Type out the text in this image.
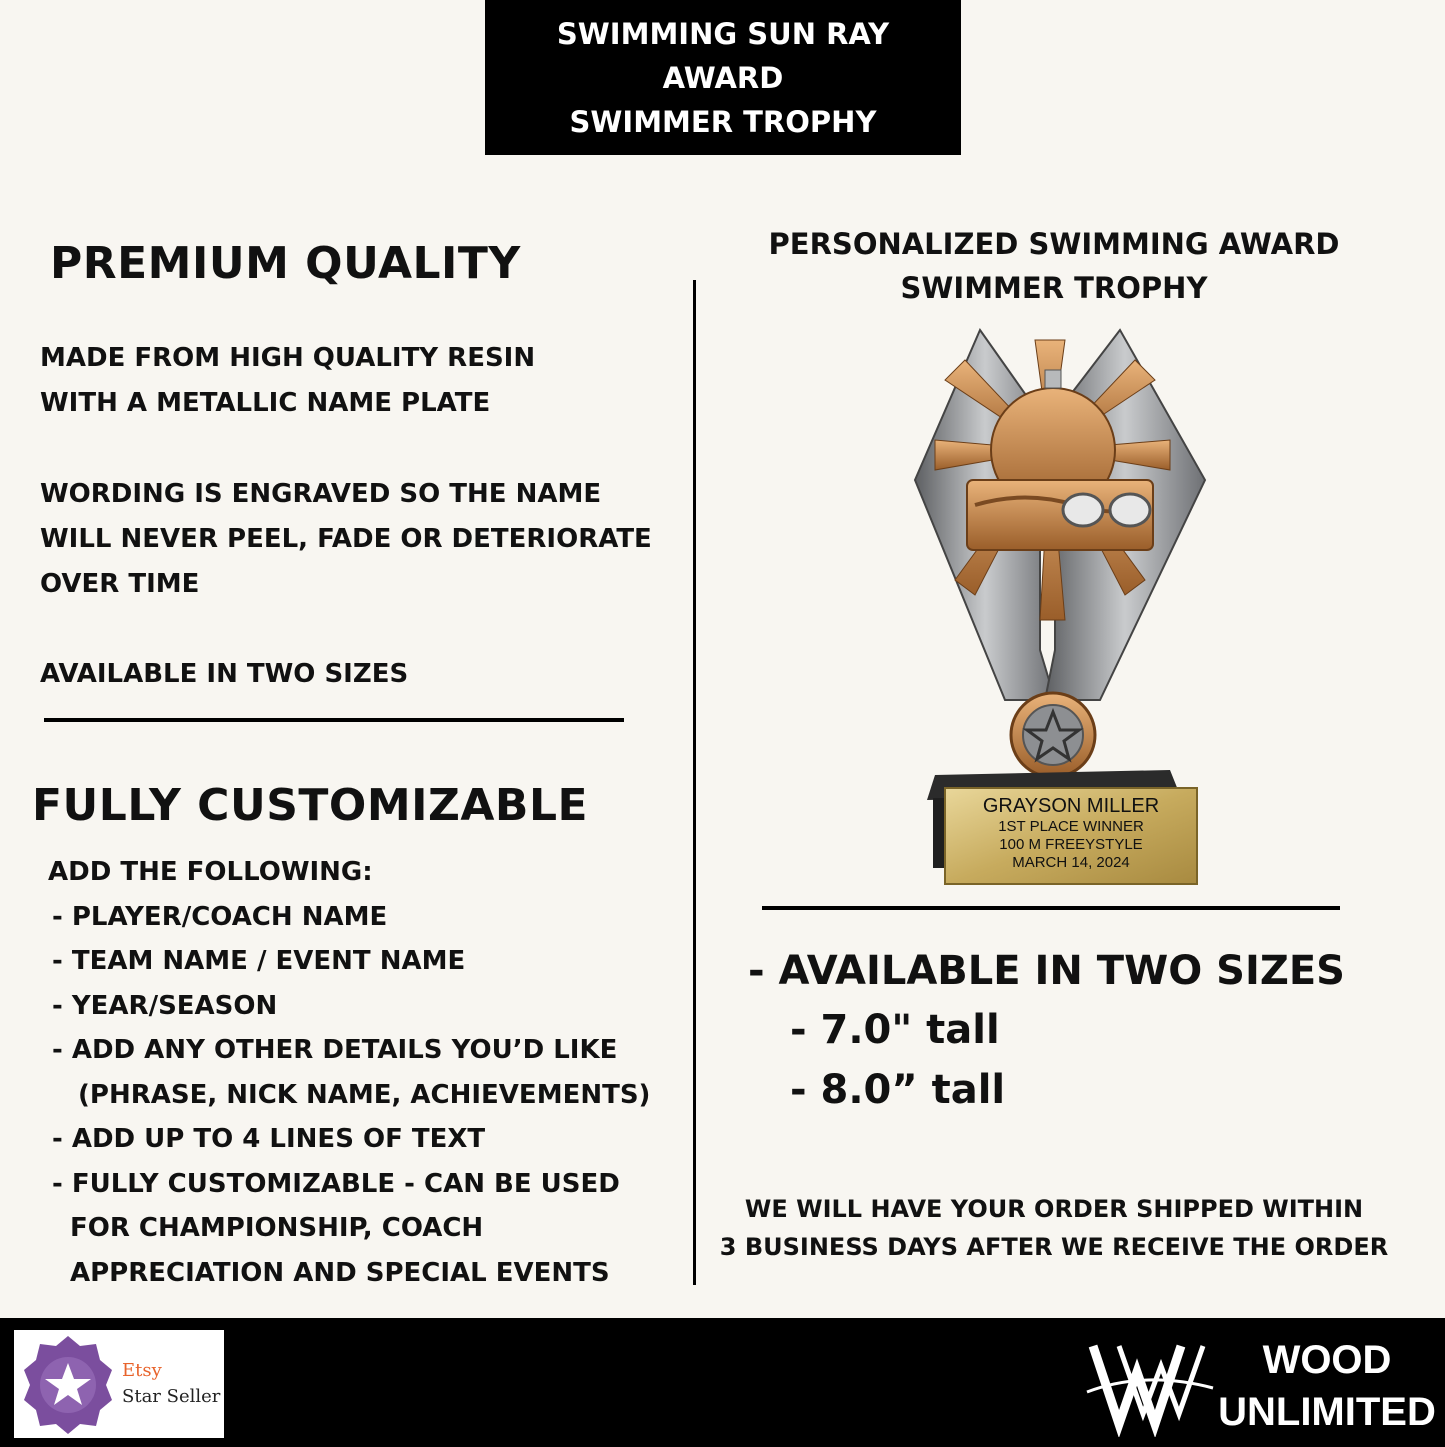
SWIMMING SUN RAY
AWARD
SWIMMER TROPHY
PREMIUM QUALITY
MADE FROM HIGH QUALITY RESIN
WITH A METALLIC NAME PLATE
WORDING IS ENGRAVED SO THE NAME
WILL NEVER PEEL, FADE OR DETERIORATE
OVER TIME
AVAILABLE IN TWO SIZES
FULLY CUSTOMIZABLE
ADD THE FOLLOWING:
- PLAYER/COACH NAME
- TEAM NAME / EVENT NAME
- YEAR/SEASON
- ADD ANY OTHER DETAILS YOU’D LIKE
(PHRASE, NICK NAME, ACHIEVEMENTS)
- ADD UP TO 4 LINES OF TEXT
- FULLY CUSTOMIZABLE - CAN BE USED
FOR CHAMPIONSHIP, COACH
APPRECIATION AND SPECIAL EVENTS
PERSONALIZED SWIMMING AWARD
SWIMMER TROPHY
GRAYSON MILLER
1ST PLACE WINNER
100 M FREEYSTYLE
MARCH 14, 2024
- AVAILABLE IN TWO SIZES
- 7.0" tall
- 8.0” tall
WE WILL HAVE YOUR ORDER SHIPPED WITHIN
3 BUSINESS DAYS AFTER WE RECEIVE THE ORDER
Etsy
Star Seller
WOOD
UNLIMITED
